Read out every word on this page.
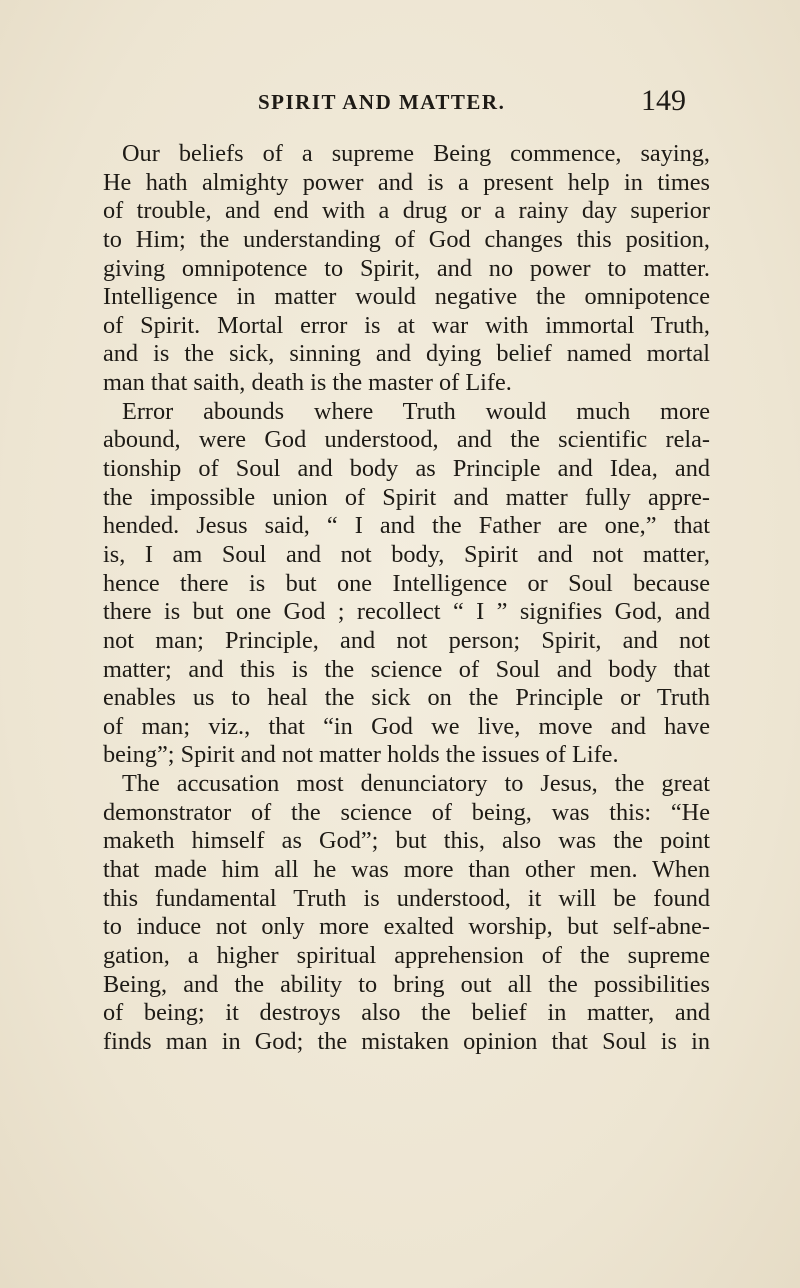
SPIRIT AND MATTER.	149
Our beliefs of a supreme Being commence, saying,
He hath almighty power and is a present help in times
of trouble, and end with a drug or a rainy day superior
to Him; the understanding of God changes this position,
giving omnipotence to Spirit, and no power to matter.
Intelligence in matter would negative the omnipotence
of Spirit. Mortal error is at war with immortal Truth,
and is the sick, sinning and dying belief named mortal
man that saith, death is the master of Life.
Error abounds where Truth would much more
abound, were God understood, and the scientific rela-
tionship of Soul and body as Principle and Idea, and
the impossible union of Spirit and matter fully appre-
hended. Jesus said, “ I and the Father are one,” that
is, I am Soul and not body, Spirit and not matter,
hence there is but one Intelligence or Soul because
there is but one God ; recollect “ I ” signifies God, and
not man; Principle, and not person; Spirit, and not
matter; and this is the science of Soul and body that
enables us to heal the sick on the Principle or Truth
of man; viz., that “in God we live, move and have
being”; Spirit and not matter holds the issues of Life.
The accusation most denunciatory to Jesus, the great
demonstrator of the science of being, was this: “He
maketh himself as God”; but this, also was the point
that made him all he was more than other men. When
this fundamental Truth is understood, it will be found
to induce not only more exalted worship, but self-abne-
gation, a higher spiritual apprehension of the supreme
Being, and the ability to bring out all the possibilities
of being; it destroys also the belief in matter, and
finds man in God; the mistaken opinion that Soul is in
